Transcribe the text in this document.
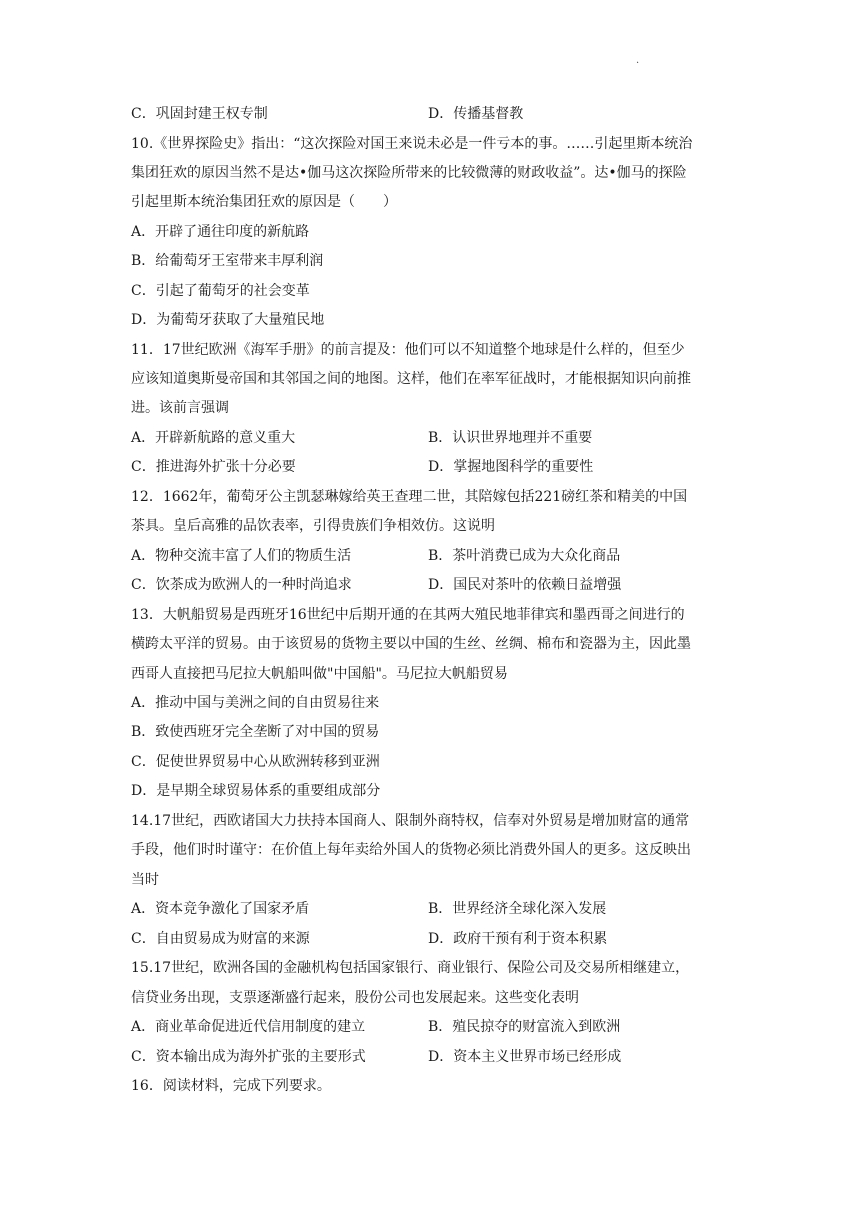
·
C．巩固封建王权专制	D．传播基督教
10.《世界探险史》指出：“这次探险对国王来说未必是一件亏本的事。……引起里斯本统治
集团狂欢的原因当然不是达•伽马这次探险所带来的比较微薄的财政收益”。达•伽马的探险
引起里斯本统治集团狂欢的原因是（　　）
A．开辟了通往印度的新航路
B．给葡萄牙王室带来丰厚利润
C．引起了葡萄牙的社会变革
D．为葡萄牙获取了大量殖民地
11．17世纪欧洲《海军手册》的前言提及：他们可以不知道整个地球是什么样的，但至少
应该知道奥斯曼帝国和其邻国之间的地图。这样，他们在率军征战时，才能根据知识向前推
进。该前言强调
A．开辟新航路的意义重大	B．认识世界地理并不重要
C．推进海外扩张十分必要	D．掌握地图科学的重要性
12．1662年，葡萄牙公主凯瑟琳嫁给英王查理二世，其陪嫁包括221磅红茶和精美的中国
茶具。皇后高雅的品饮表率，引得贵族们争相效仿。这说明
A．物种交流丰富了人们的物质生活	B．茶叶消费已成为大众化商品
C．饮茶成为欧洲人的一种时尚追求	D．国民对茶叶的依赖日益增强
13．大帆船贸易是西班牙16世纪中后期开通的在其两大殖民地菲律宾和墨西哥之间进行的
横跨太平洋的贸易。由于该贸易的货物主要以中国的生丝、丝绸、棉布和瓷器为主，因此墨
西哥人直接把马尼拉大帆船叫做"中国船"。马尼拉大帆船贸易
A．推动中国与美洲之间的自由贸易往来
B．致使西班牙完全垄断了对中国的贸易
C．促使世界贸易中心从欧洲转移到亚洲
D．是早期全球贸易体系的重要组成部分
14.17世纪，西欧诸国大力扶持本国商人、限制外商特权，信奉对外贸易是增加财富的通常
手段，他们时时谨守：在价值上每年卖给外国人的货物必须比消费外国人的更多。这反映出
当时
A．资本竞争激化了国家矛盾	B．世界经济全球化深入发展
C．自由贸易成为财富的来源	D．政府干预有利于资本积累
15.17世纪，欧洲各国的金融机构包括国家银行、商业银行、保险公司及交易所相继建立，
信贷业务出现，支票逐渐盛行起来，股份公司也发展起来。这些变化表明
A．商业革命促进近代信用制度的建立	B．殖民掠夺的财富流入到欧洲
C．资本输出成为海外扩张的主要形式	D．资本主义世界市场已经形成
16．阅读材料，完成下列要求。
